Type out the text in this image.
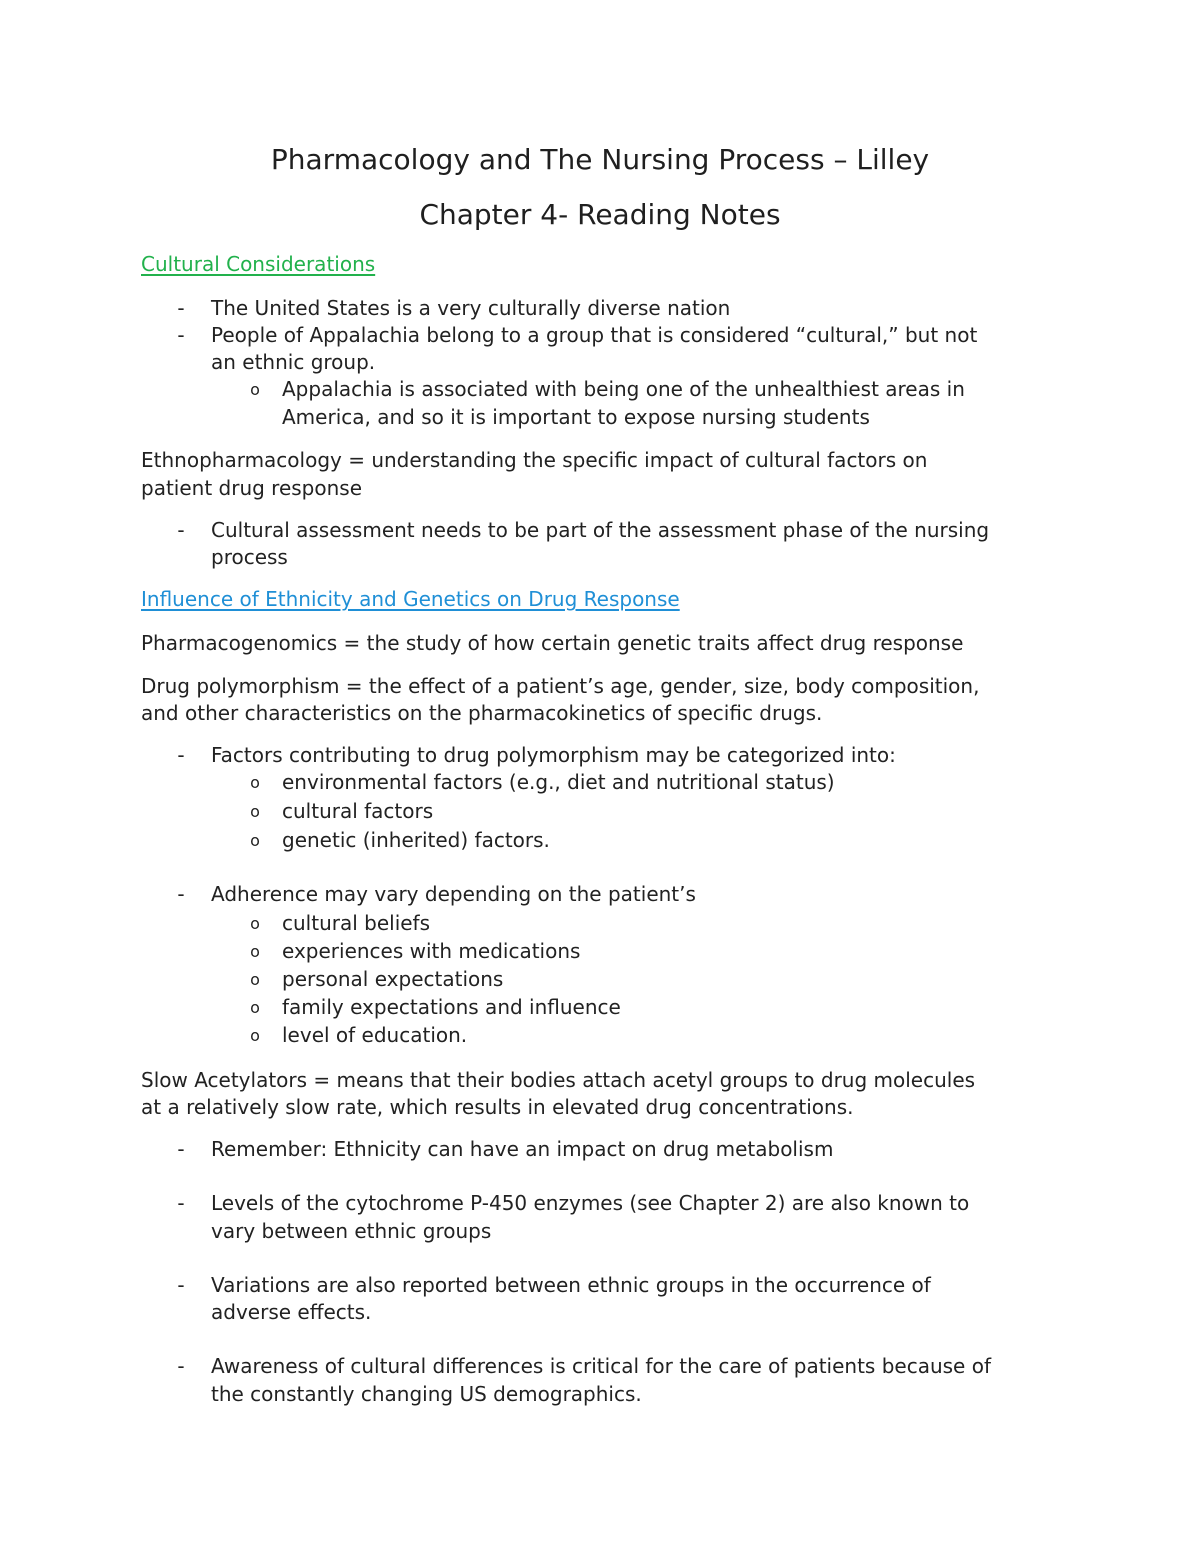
Pharmacology and The Nursing Process – Lilley
Chapter 4- Reading Notes
Cultural Considerations
-	The United States is a very culturally diverse nation
-	People of Appalachia belong to a group that is considered “cultural,” but not
an ethnic group.
o Appalachia is associated with being one of the unhealthiest areas in
America, and so it is important to expose nursing students
Ethnopharmacology = understanding the specific impact of cultural factors on
patient drug response
-	Cultural assessment needs to be part of the assessment phase of the nursing
process
Influence of Ethnicity and Genetics on Drug Response
Pharmacogenomics = the study of how certain genetic traits affect drug response
Drug polymorphism = the effect of a patient’s age, gender, size, body composition,
and other characteristics on the pharmacokinetics of specific drugs.
-	Factors contributing to drug polymorphism may be categorized into:
o environmental factors (e.g., diet and nutritional status)
o cultural factors
o genetic (inherited) factors.
-	Adherence may vary depending on the patient’s
o cultural beliefs
o experiences with medications
o personal expectations
o family expectations and influence
o level of education.
Slow Acetylators = means that their bodies attach acetyl groups to drug molecules
at a relatively slow rate, which results in elevated drug concentrations.
-	Remember: Ethnicity can have an impact on drug metabolism
-	Levels of the cytochrome P-450 enzymes (see Chapter 2) are also known to
vary between ethnic groups
-	Variations are also reported between ethnic groups in the occurrence of
adverse effects.
-	Awareness of cultural differences is critical for the care of patients because of
the constantly changing US demographics.
